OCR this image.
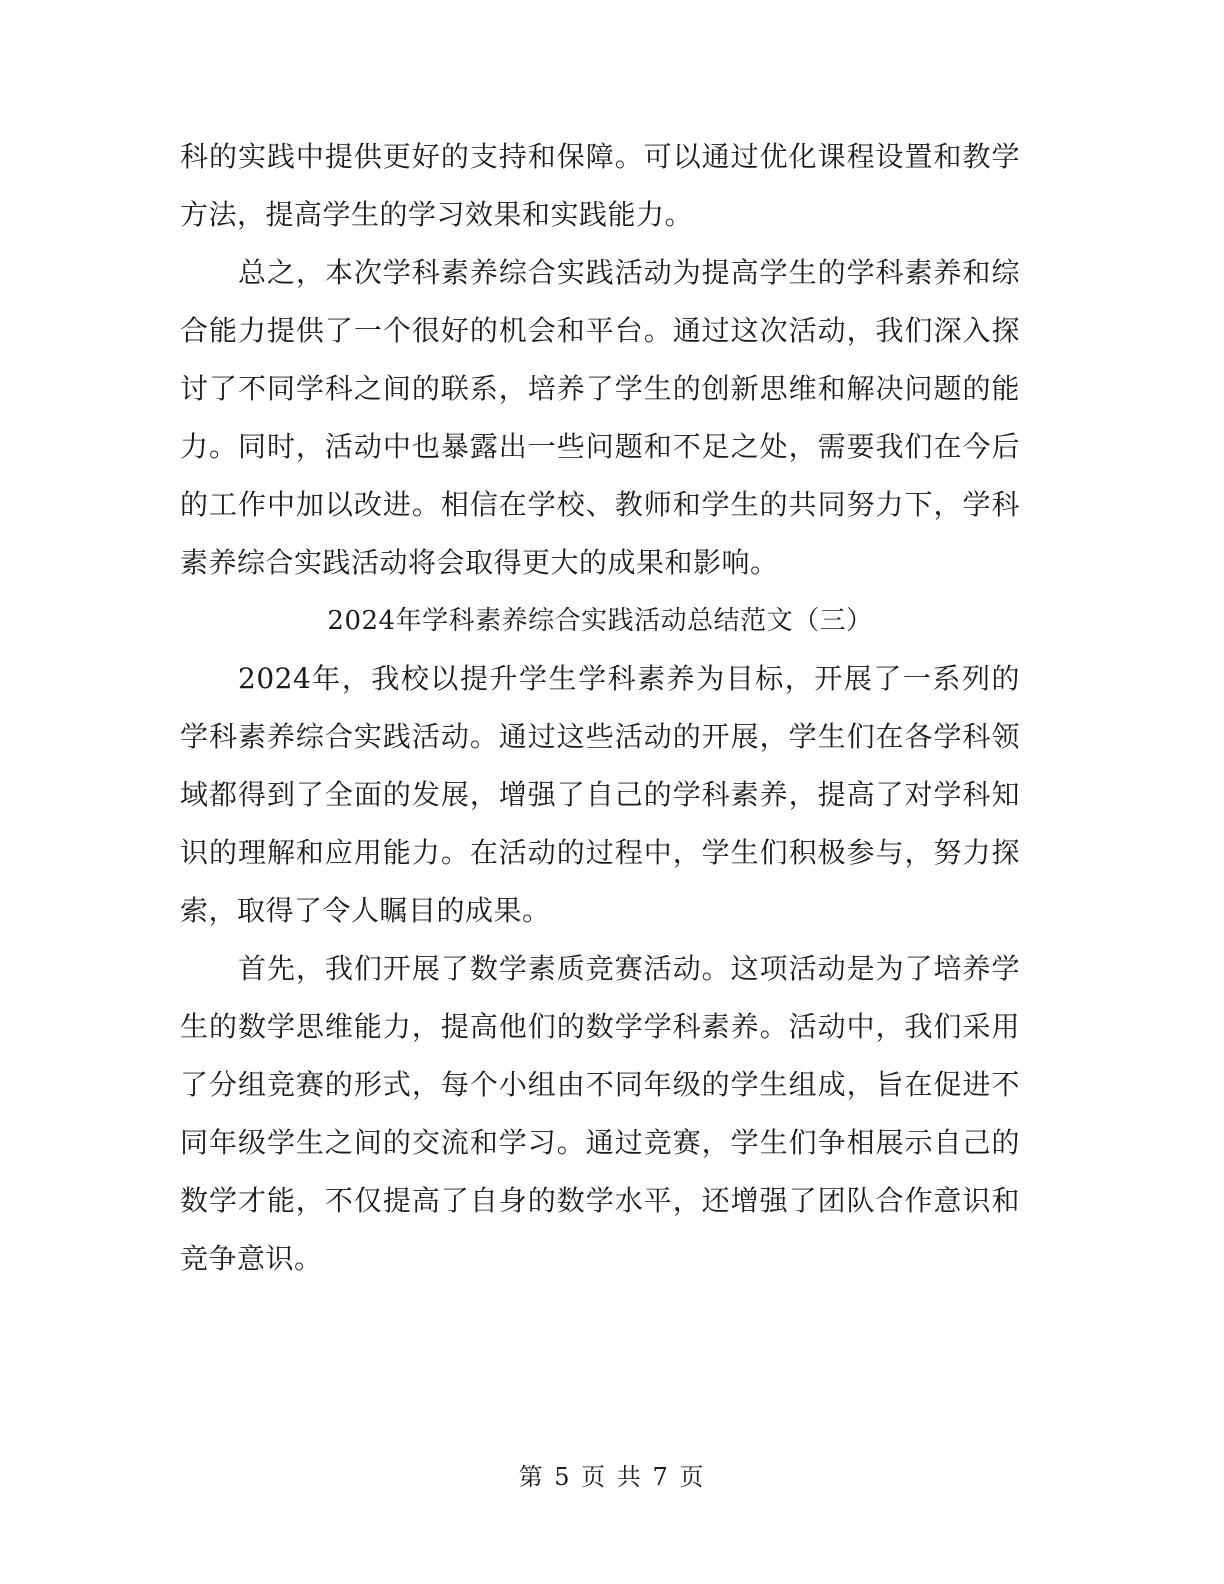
科的实践中提供更好的支持和保障。可以通过优化课程设置和教学方法，提高学生的学习效果和实践能力。

总之，本次学科素养综合实践活动为提高学生的学科素养和综合能力提供了一个很好的机会和平台。通过这次活动，我们深入探讨了不同学科之间的联系，培养了学生的创新思维和解决问题的能力。同时，活动中也暴露出一些问题和不足之处，需要我们在今后的工作中加以改进。相信在学校、教师和学生的共同努力下，学科素养综合实践活动将会取得更大的成果和影响。

2024年学科素养综合实践活动总结范文（三）

2024年，我校以提升学生学科素养为目标，开展了一系列的学科素养综合实践活动。通过这些活动的开展，学生们在各学科领域都得到了全面的发展，增强了自己的学科素养，提高了对学科知识的理解和应用能力。在活动的过程中，学生们积极参与，努力探索，取得了令人瞩目的成果。

首先，我们开展了数学素质竞赛活动。这项活动是为了培养学生的数学思维能力，提高他们的数学学科素养。活动中，我们采用了分组竞赛的形式，每个小组由不同年级的学生组成，旨在促进不同年级学生之间的交流和学习。通过竞赛，学生们争相展示自己的数学才能，不仅提高了自身的数学水平，还增强了团队合作意识和竞争意识。

第 5 页 共 7 页
